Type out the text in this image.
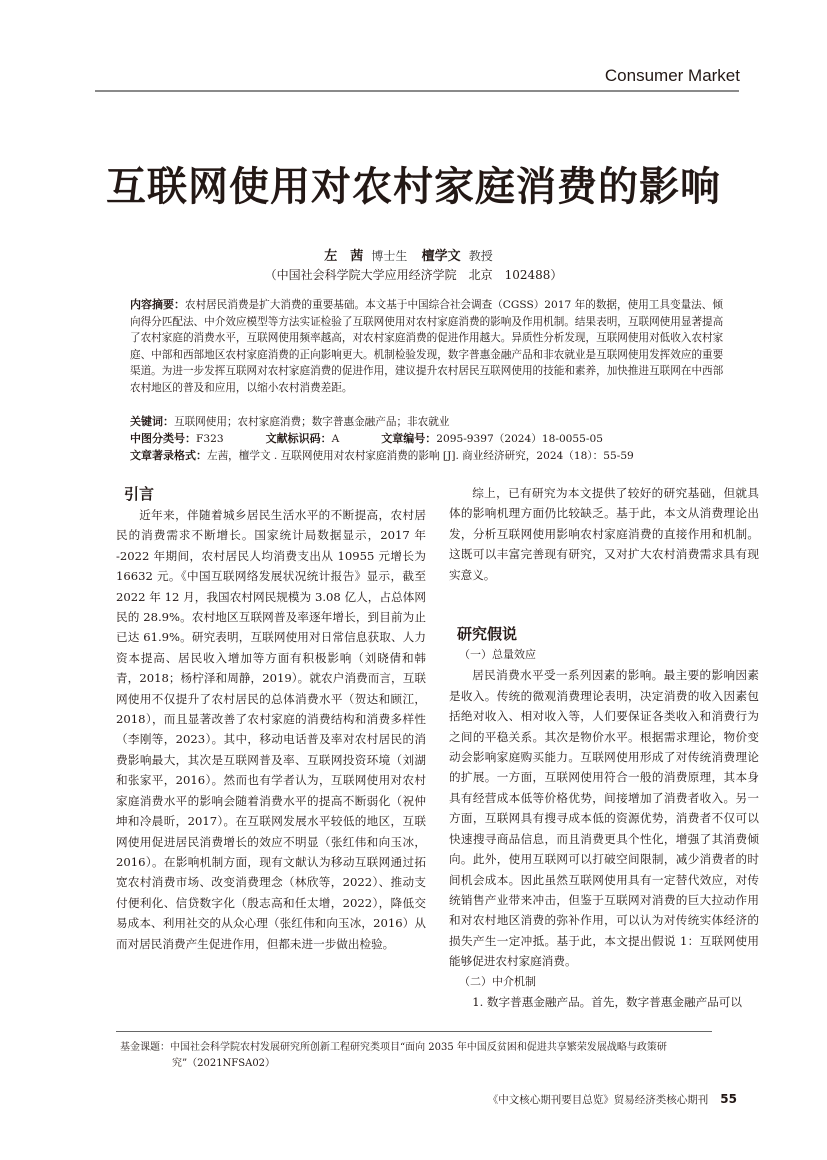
Consumer Market
互联网使用对农村家庭消费的影响
左　茜 博士生 檀学文 教授
（中国社会科学院大学应用经济学院　北京　102488）
内容摘要：农村居民消费是扩大消费的重要基础。本文基于中国综合社会调查（CGSS）2017 年的数据，使用工具变量法、倾向得分匹配法、中介效应模型等方法实证检验了互联网使用对农村家庭消费的影响及作用机制。结果表明，互联网使用显著提高了农村家庭的消费水平，互联网使用频率越高，对农村家庭消费的促进作用越大。异质性分析发现，互联网使用对低收入农村家庭、中部和西部地区农村家庭消费的正向影响更大。机制检验发现，数字普惠金融产品和非农就业是互联网使用发挥效应的重要渠道。为进一步发挥互联网对农村家庭消费的促进作用，建议提升农村居民互联网使用的技能和素养，加快推进互联网在中西部农村地区的普及和应用，以缩小农村消费差距。
关键词：互联网使用；农村家庭消费；数字普惠金融产品；非农就业
中图分类号：F323	文献标识码：A	文章编号：2095-9397（2024）18-0055-05
文章著录格式：左茜，檀学文 . 互联网使用对农村家庭消费的影响 [J]. 商业经济研究，2024（18）：55-59
引言

近年来，伴随着城乡居民生活水平的不断提高，农村居民的消费需求不断增长。国家统计局数据显示，2017 年 -2022 年期间，农村居民人均消费支出从 10955 元增长为 16632 元。《中国互联网络发展状况统计报告》显示，截至 2022 年 12 月，我国农村网民规模为 3.08 亿人，占总体网民的 28.9%。农村地区互联网普及率逐年增长，到目前为止已达 61.9%。研究表明，互联网使用对日常信息获取、人力资本提高、居民收入增加等方面有积极影响（刘晓倩和韩青，2018；杨柠泽和周静，2019）。就农户消费而言，互联网使用不仅提升了农村居民的总体消费水平（贺达和顾江，2018），而且显著改善了农村家庭的消费结构和消费多样性（李刚等，2023）。其中，移动电话普及率对农村居民的消费影响最大，其次是互联网普及率、互联网投资环境（刘湖和张家平，2016）。然而也有学者认为，互联网使用对农村家庭消费水平的影响会随着消费水平的提高不断弱化（祝仲坤和冷晨昕，2017）。在互联网发展水平较低的地区，互联网使用促进居民消费增长的效应不明显（张红伟和向玉冰，2016）。在影响机制方面，现有文献认为移动互联网通过拓宽农村消费市场、改变消费理念（林欣等，2022）、推动支付便利化、信贷数字化（殷志高和任太增，2022），降低交易成本、利用社交的从众心理（张红伟和向玉冰，2016）从而对居民消费产生促进作用，但都未进一步做出检验。

综上，已有研究为本文提供了较好的研究基础，但就具体的影响机理方面仍比较缺乏。基于此，本文从消费理论出发，分析互联网使用影响农村家庭消费的直接作用和机制。这既可以丰富完善现有研究，又对扩大农村消费需求具有现实意义。

研究假说
（一）总量效应

居民消费水平受一系列因素的影响。最主要的影响因素是收入。传统的微观消费理论表明，决定消费的收入因素包括绝对收入、相对收入等，人们要保证各类收入和消费行为之间的平稳关系。其次是物价水平。根据需求理论，物价变动会影响家庭购买能力。互联网使用形成了对传统消费理论的扩展。一方面，互联网使用符合一般的消费原理，其本身具有经营成本低等价格优势，间接增加了消费者收入。另一方面，互联网具有搜寻成本低的资源优势，消费者不仅可以快速搜寻商品信息，而且消费更具个性化，增强了其消费倾向。此外，使用互联网可以打破空间限制，减少消费者的时间机会成本。因此虽然互联网使用具有一定替代效应，对传统销售产业带来冲击，但鉴于互联网对消费的巨大拉动作用和对农村地区消费的弥补作用，可以认为对传统实体经济的损失产生一定冲抵。基于此，本文提出假说 1：互联网使用能够促进农村家庭消费。

（二）中介机制

1. 数字普惠金融产品。首先，数字普惠金融产品可以

基金课题：中国社会科学院农村发展研究所创新工程研究类项目“面向 2035 年中国反贫困和促进共享繁荣发展战略与政策研
究”（2021NFSA02）
《中文核心期刊要目总览》贸易经济类核心期刊 55
